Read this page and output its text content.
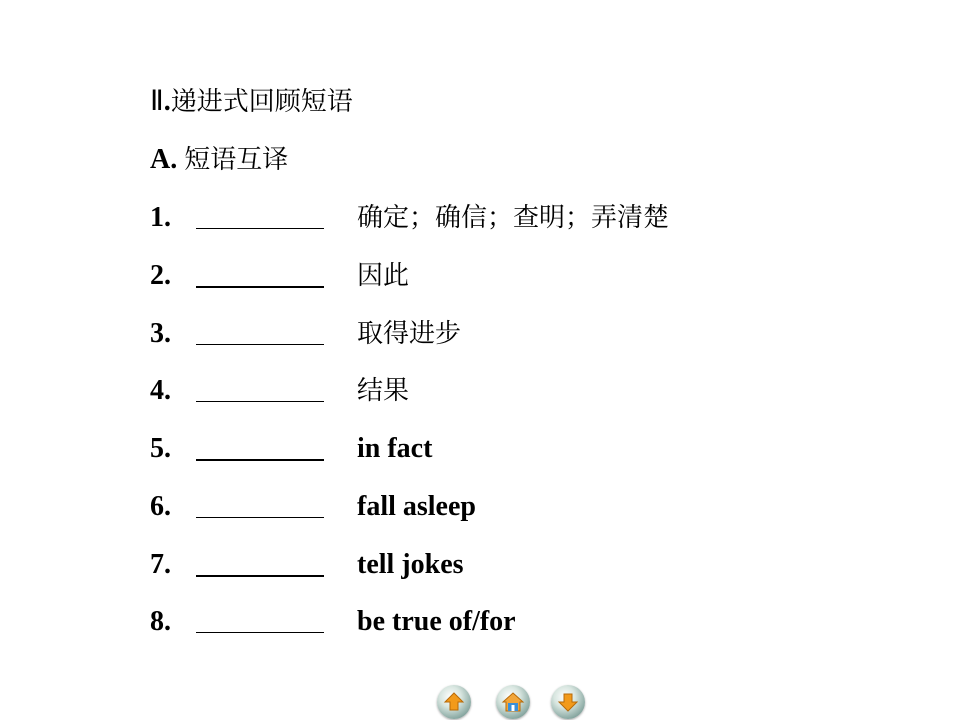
Ⅱ.递进式回顾短语
A. 短语互译
1.	确定；确信；查明；弄清楚
2.	因此
3.	取得进步
4.	结果
5.	in fact
6.	fall asleep
7.	tell jokes
8.	be true of/for
